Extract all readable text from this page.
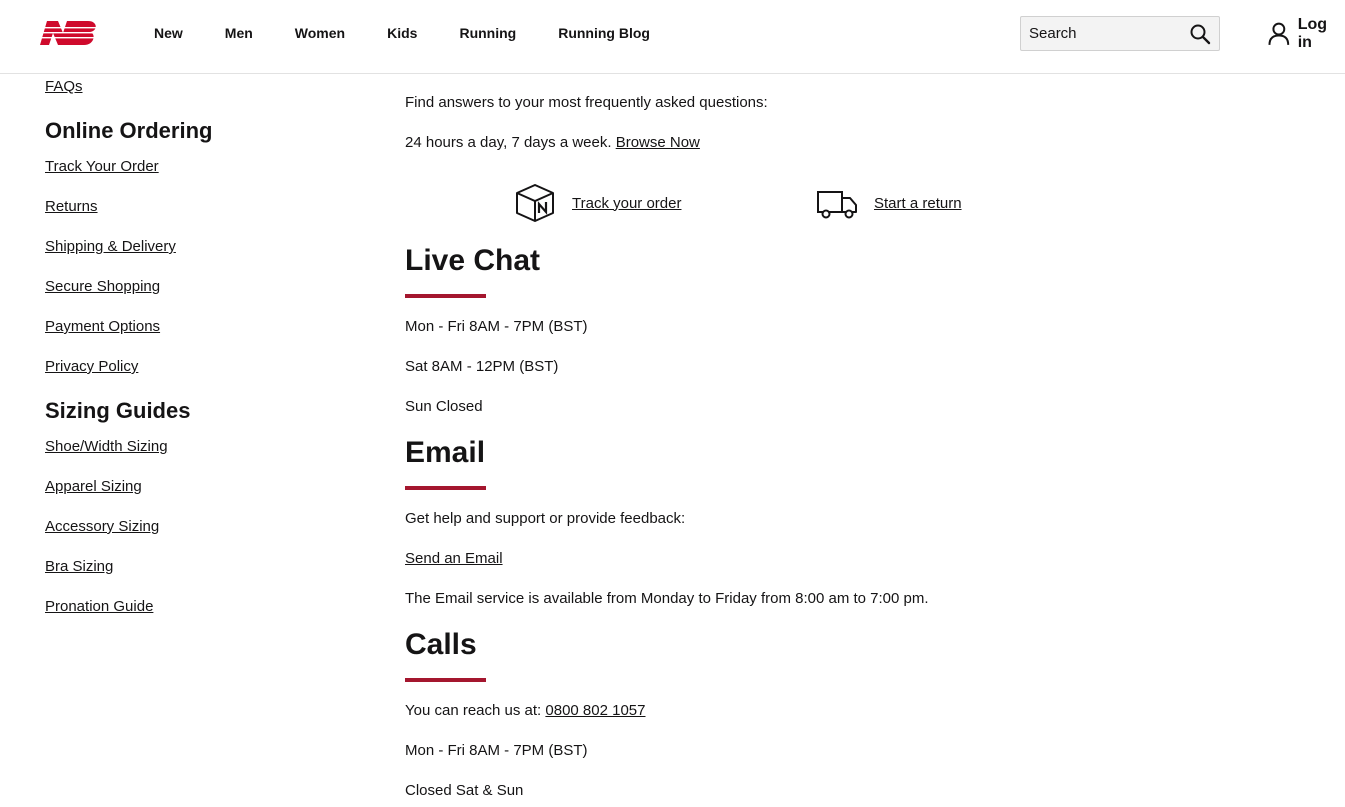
New	Men	Women	Kids	Running	Running Blog
Search	Log in
FAQs
Online Ordering
Track Your Order
Returns
Shipping & Delivery
Secure Shopping
Payment Options
Privacy Policy
Sizing Guides
Shoe/Width Sizing
Apparel Sizing
Accessory Sizing
Bra Sizing
Pronation Guide

Find answers to your most frequently asked questions:

24 hours a day, 7 days a week. Browse Now

Track your order	Start a return
Live Chat

Mon - Fri 8AM - 7PM (BST)

Sat 8AM - 12PM (BST)

Sun Closed

Email

Get help and support or provide feedback:

Send an Email

The Email service is available from Monday to Friday from 8:00 am to 7:00 pm.

Calls

You can reach us at: 0800 802 1057

Mon - Fri 8AM - 7PM (BST)

Closed Sat & Sun
